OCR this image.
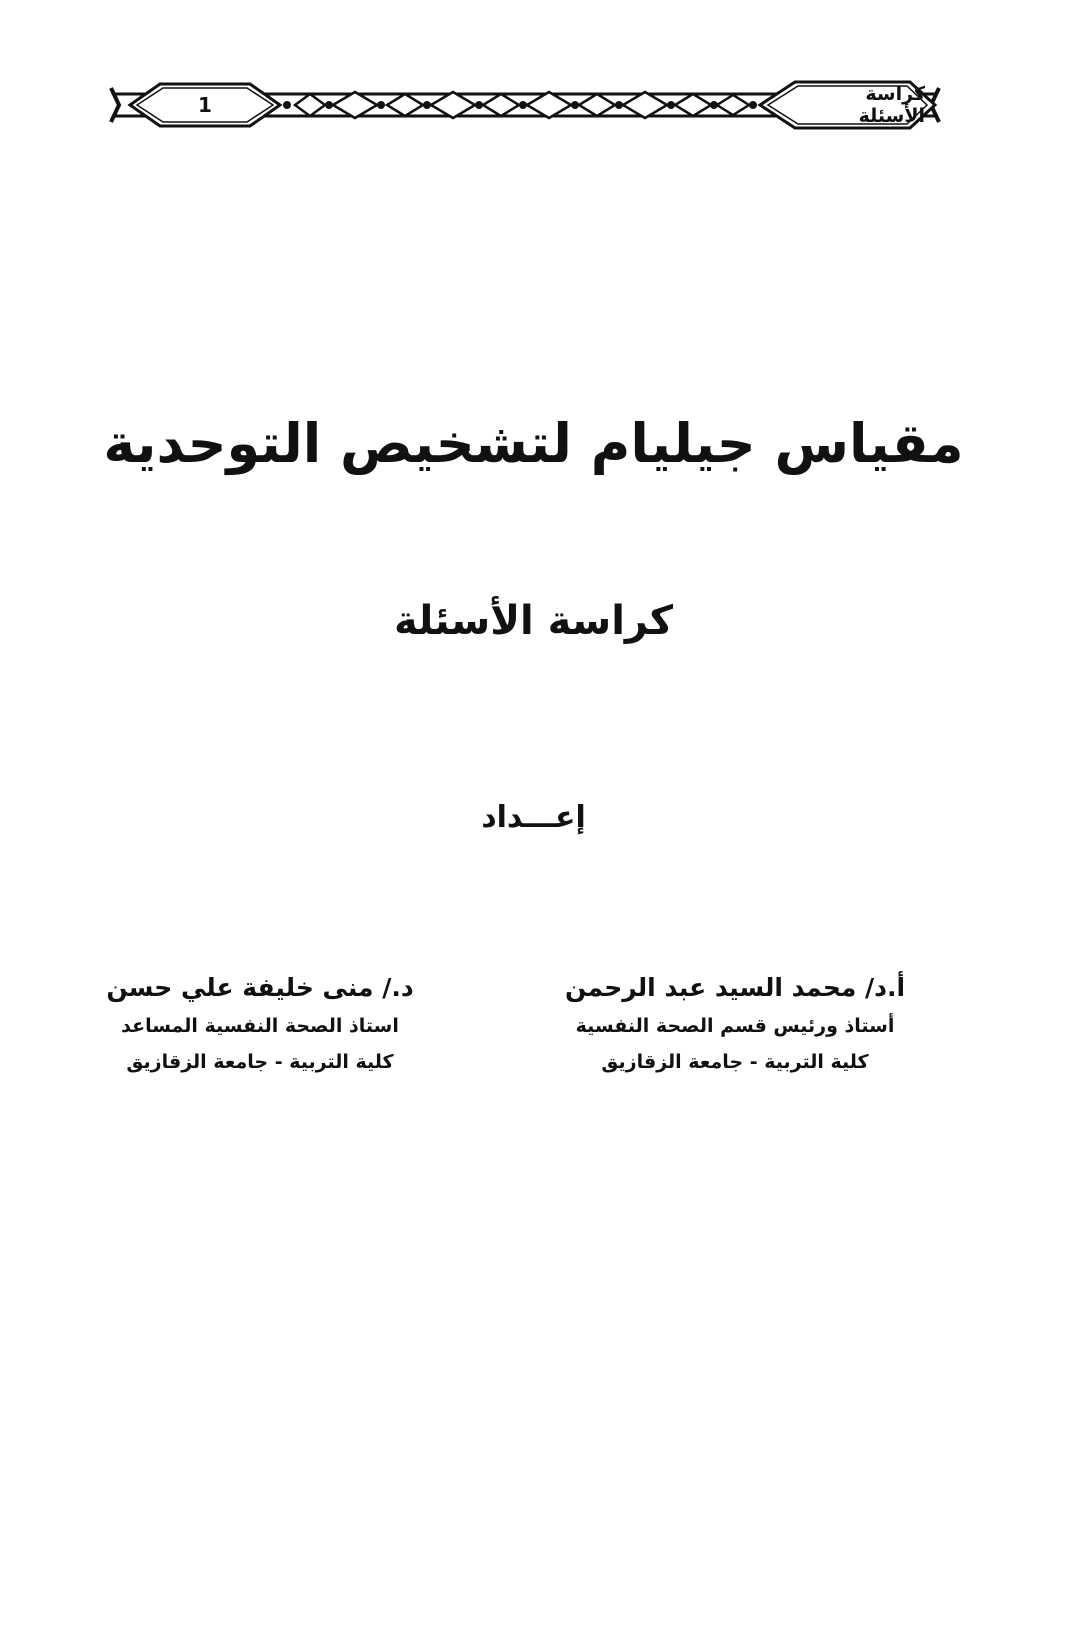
1	كراسة الأسئلة
مقياس جيليام لتشخيص التوحدية
كراسة الأسئلة
إعـــداد
أ.د/ محمد السيد عبد الرحمن
أستاذ ورئيس قسم الصحة النفسية
كلية التربية - جامعة الزقازيق
د./ منى خليفة علي حسن
استاذ الصحة النفسية المساعد
كلية التربية - جامعة الزقازيق
